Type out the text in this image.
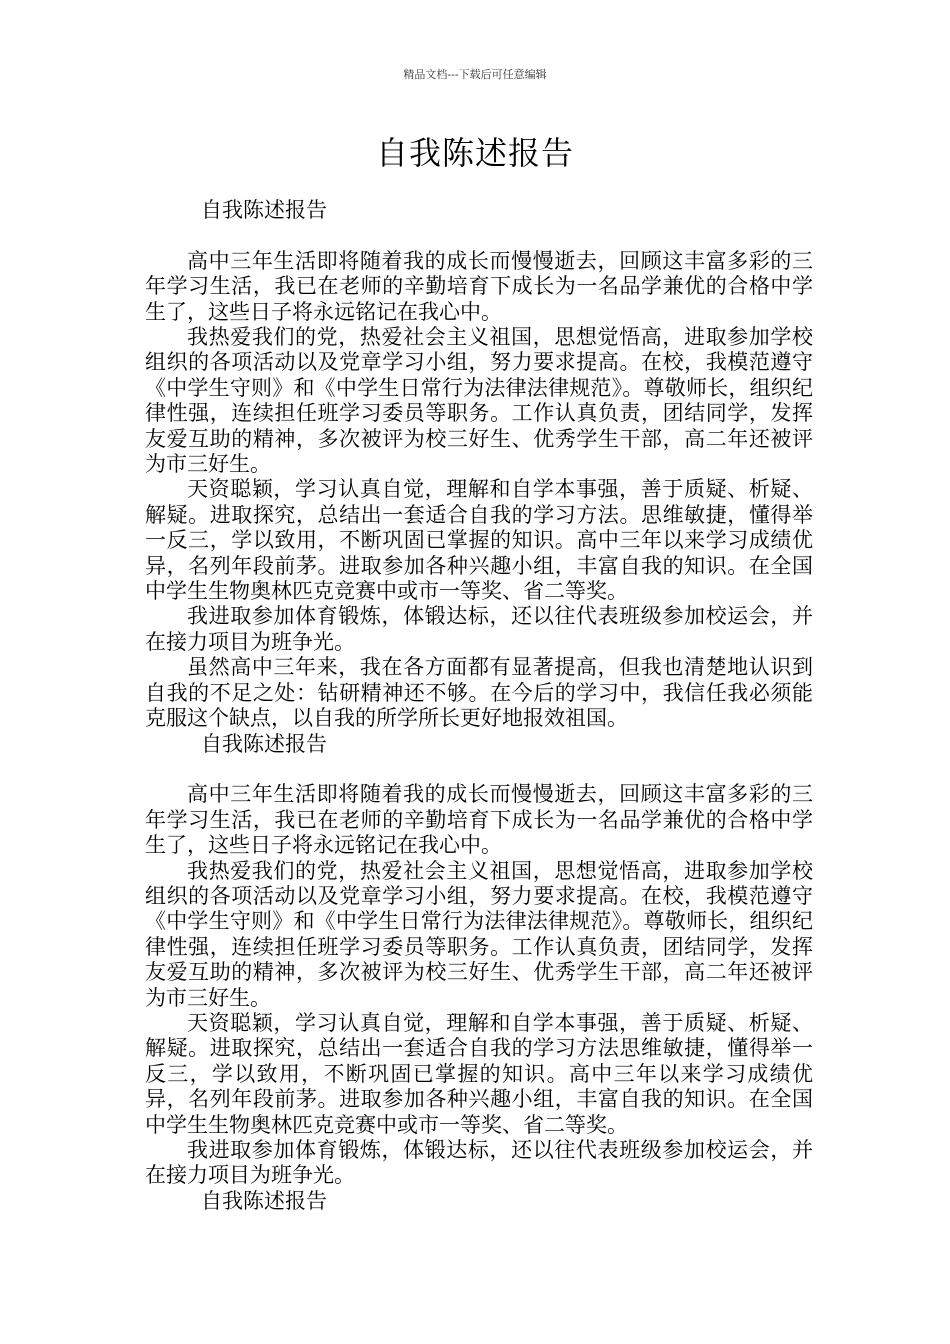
精品文档---下载后可任意编辑
自我陈述报告

自我陈述报告

高中三年生活即将随着我的成长而慢慢逝去，回顾这丰富多彩的三年学习生活，我已在老师的辛勤培育下成长为一名品学兼优的合格中学生了，这些日子将永远铭记在我心中。

我热爱我们的党，热爱社会主义祖国，思想觉悟高，进取参加学校组织的各项活动以及党章学习小组，努力要求提高。在校，我模范遵守《中学生守则》和《中学生日常行为法律法律规范》。尊敬师长，组织纪律性强，连续担任班学习委员等职务。工作认真负责，团结同学，发挥友爱互助的精神，多次被评为校三好生、优秀学生干部，高二年还被评为市三好生。

天资聪颖，学习认真自觉，理解和自学本事强，善于质疑、析疑、解疑。进取探究，总结出一套适合自我的学习方法。思维敏捷，懂得举一反三，学以致用，不断巩固已掌握的知识。高中三年以来学习成绩优异，名列年段前茅。进取参加各种兴趣小组，丰富自我的知识。在全国中学生生物奥林匹克竞赛中或市一等奖、省二等奖。

我进取参加体育锻炼，体锻达标，还以往代表班级参加校运会，并在接力项目为班争光。

虽然高中三年来，我在各方面都有显著提高，但我也清楚地认识到自我的不足之处：钻研精神还不够。在今后的学习中，我信任我必须能克服这个缺点，以自我的所学所长更好地报效祖国。

自我陈述报告

高中三年生活即将随着我的成长而慢慢逝去，回顾这丰富多彩的三年学习生活，我已在老师的辛勤培育下成长为一名品学兼优的合格中学生了，这些日子将永远铭记在我心中。

我热爱我们的党，热爱社会主义祖国，思想觉悟高，进取参加学校组织的各项活动以及党章学习小组，努力要求提高。在校，我模范遵守《中学生守则》和《中学生日常行为法律法律规范》。尊敬师长，组织纪律性强，连续担任班学习委员等职务。工作认真负责，团结同学，发挥友爱互助的精神，多次被评为校三好生、优秀学生干部，高二年还被评为市三好生。

天资聪颖，学习认真自觉，理解和自学本事强，善于质疑、析疑、解疑。进取探究，总结出一套适合自我的学习方法思维敏捷，懂得举一反三，学以致用，不断巩固已掌握的知识。高中三年以来学习成绩优异，名列年段前茅。进取参加各种兴趣小组，丰富自我的知识。在全国中学生生物奥林匹克竞赛中或市一等奖、省二等奖。

我进取参加体育锻炼，体锻达标，还以往代表班级参加校运会，并在接力项目为班争光。

自我陈述报告
